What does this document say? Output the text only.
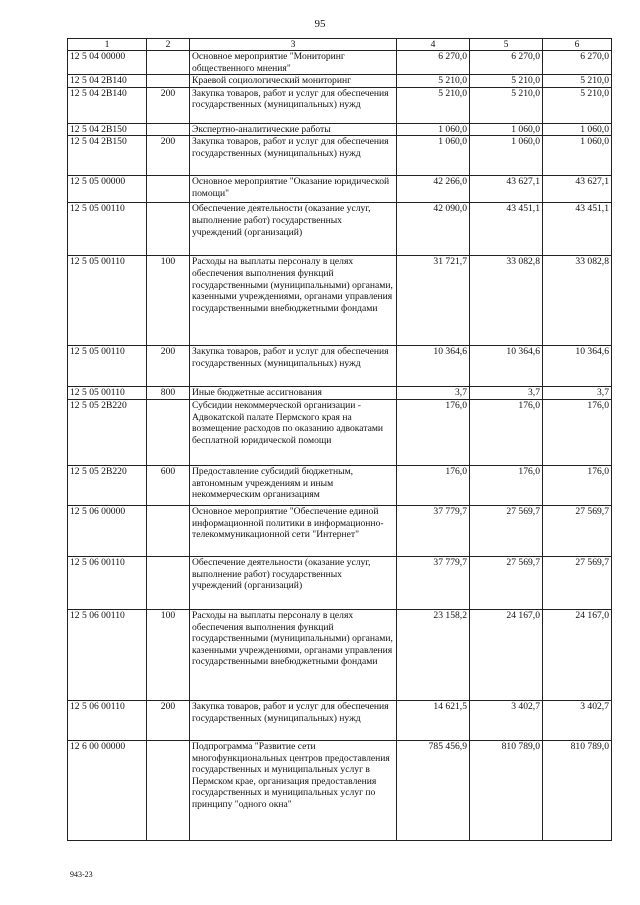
95
1	2	3	4	5	6
12 5 04 00000		Основное мероприятие "Мониторинг общественного мнения"	6 270,0	6 270,0	6 270,0
12 5 04 2В140		Краевой социологический мониторинг	5 210,0	5 210,0	5 210,0
12 5 04 2В140	200	Закупка товаров, работ и услуг для обеспечения государственных (муниципальных) нужд	5 210,0	5 210,0	5 210,0
12 5 04 2В150		Экспертно-аналитические работы	1 060,0	1 060,0	1 060,0
12 5 04 2В150	200	Закупка товаров, работ и услуг для обеспечения государственных (муниципальных) нужд	1 060,0	1 060,0	1 060,0
12 5 05 00000		Основное мероприятие "Оказание юридической помощи"	42 266,0	43 627,1	43 627,1
12 5 05 00110		Обеспечение деятельности (оказание услуг, выполнение работ) государственных учреждений (организаций)	42 090,0	43 451,1	43 451,1
12 5 05 00110	100	Расходы на выплаты персоналу в целях обеспечения выполнения функций государственными (муниципальными) органами, казенными учреждениями, органами управления государственными внебюджетными фондами	31 721,7	33 082,8	33 082,8
12 5 05 00110	200	Закупка товаров, работ и услуг для обеспечения государственных (муниципальных) нужд	10 364,6	10 364,6	10 364,6
12 5 05 00110	800	Иные бюджетные ассигнования	3,7	3,7	3,7
12 5 05 2В220		Субсидии некоммерческой организации - Адвокатской палате Пермского края на возмещение расходов по оказанию адвокатами бесплатной юридической помощи	176,0	176,0	176,0
12 5 05 2В220	600	Предоставление субсидий бюджетным, автономным учреждениям и иным некоммерческим организациям	176,0	176,0	176,0
12 5 06 00000		Основное мероприятие "Обеспечение единой информационной политики в информационно-телекоммуникационной сети "Интернет"	37 779,7	27 569,7	27 569,7
12 5 06 00110		Обеспечение деятельности (оказание услуг, выполнение работ) государственных учреждений (организаций)	37 779,7	27 569,7	27 569,7
12 5 06 00110	100	Расходы на выплаты персоналу в целях обеспечения выполнения функций государственными (муниципальными) органами, казенными учреждениями, органами управления государственными внебюджетными фондами	23 158,2	24 167,0	24 167,0
12 5 06 00110	200	Закупка товаров, работ и услуг для обеспечения государственных (муниципальных) нужд	14 621,5	3 402,7	3 402,7
12 6 00 00000		Подпрограмма "Развитие сети многофункциональных центров предоставления государственных и муниципальных услуг в Пермском крае, организация предоставления государственных и муниципальных услуг по принципу "одного окна"	785 456,9	810 789,0	810 789,0
943-23
